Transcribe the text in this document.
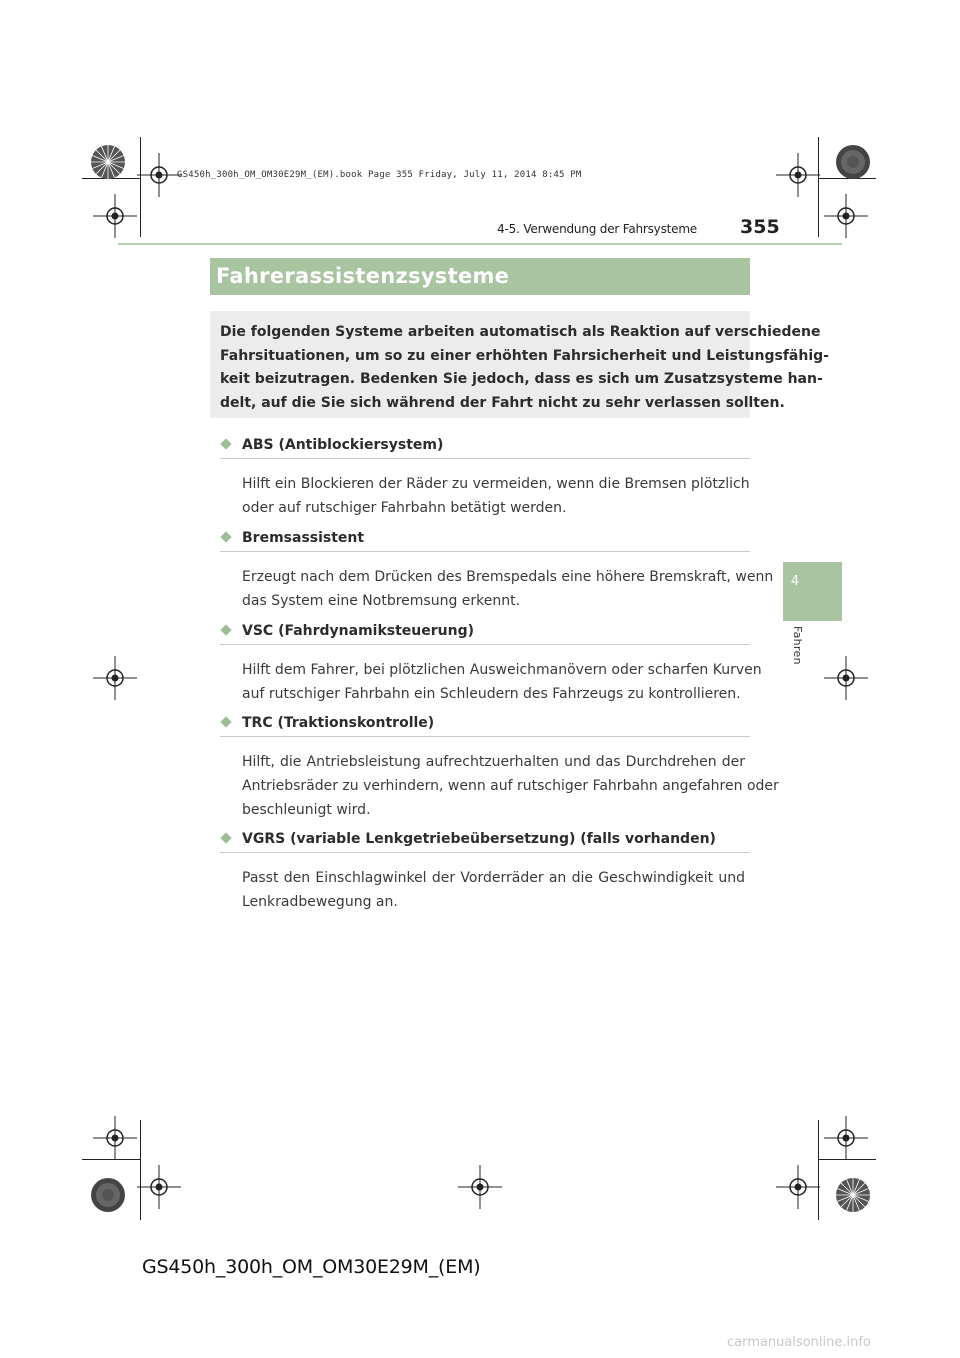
GS450h_300h_OM_OM30E29M_(EM).book Page 355 Friday, July 11, 2014 8:45 PM
4-5. Verwendung der Fahrsysteme 355
4
Fahren
Fahrerassistenzsysteme
Die folgenden Systeme arbeiten automatisch als Reaktion auf verschiedene
Fahrsituationen, um so zu einer erhöhten Fahrsicherheit und Leistungsfähig-
keit beizutragen. Bedenken Sie jedoch, dass es sich um Zusatzsysteme han-
delt, auf die Sie sich während der Fahrt nicht zu sehr verlassen sollten.
ABS (Antiblockiersystem)
Hilft ein Blockieren der Räder zu vermeiden, wenn die Bremsen plötzlich
oder auf rutschiger Fahrbahn betätigt werden.
Bremsassistent
Erzeugt nach dem Drücken des Bremspedals eine höhere Bremskraft, wenn
das System eine Notbremsung erkennt.
VSC (Fahrdynamiksteuerung)
Hilft dem Fahrer, bei plötzlichen Ausweichmanövern oder scharfen Kurven
auf rutschiger Fahrbahn ein Schleudern des Fahrzeugs zu kontrollieren.
TRC (Traktionskontrolle)
Hilft, die Antriebsleistung aufrechtzuerhalten und das Durchdrehen der
Antriebsräder zu verhindern, wenn auf rutschiger Fahrbahn angefahren oder
beschleunigt wird.
VGRS (variable Lenkgetriebeübersetzung) (falls vorhanden)
Passt den Einschlagwinkel der Vorderräder an die Geschwindigkeit und
Lenkradbewegung an.
GS450h_300h_OM_OM30E29M_(EM)
carmanualsonline.info
